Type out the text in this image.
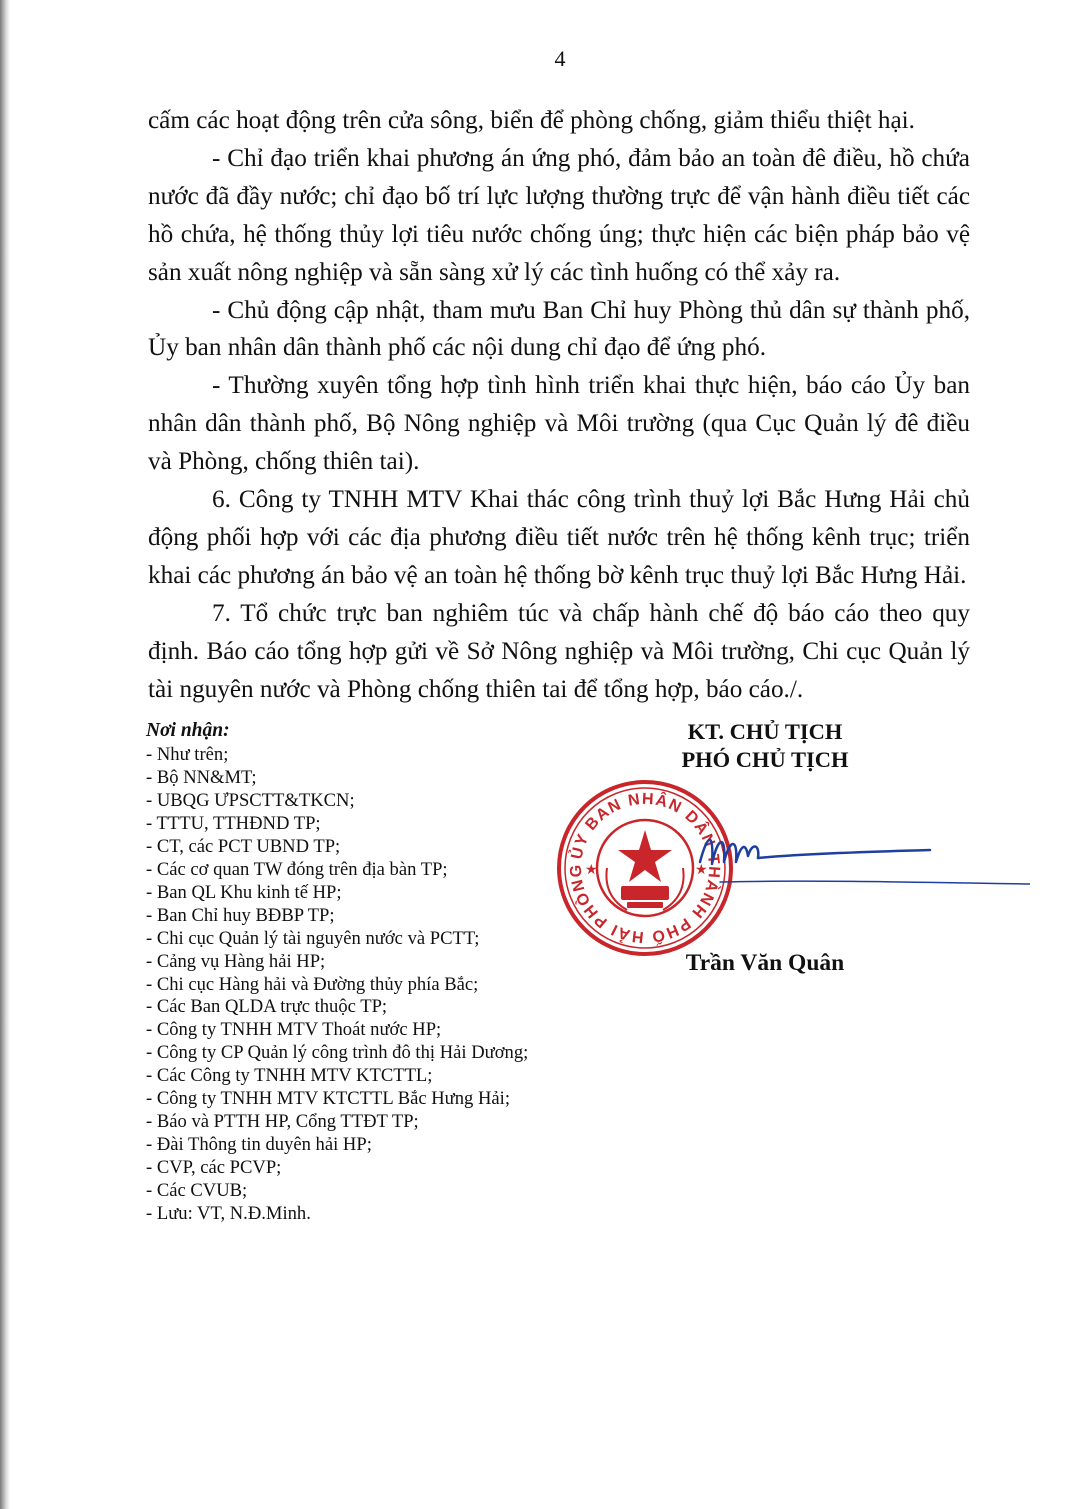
4

cấm các hoạt động trên cửa sông, biển để phòng chống, giảm thiểu thiệt hại.

- Chỉ đạo triển khai phương án ứng phó, đảm bảo an toàn đê điều, hồ chứa nước đã đầy nước; chỉ đạo bố trí lực lượng thường trực để vận hành điều tiết các hồ chứa, hệ thống thủy lợi tiêu nước chống úng; thực hiện các biện pháp bảo vệ sản xuất nông nghiệp và sẵn sàng xử lý các tình huống có thể xảy ra.

- Chủ động cập nhật, tham mưu Ban Chỉ huy Phòng thủ dân sự thành phố, Ủy ban nhân dân thành phố các nội dung chỉ đạo để ứng phó.

- Thường xuyên tổng hợp tình hình triển khai thực hiện, báo cáo Ủy ban nhân dân thành phố, Bộ Nông nghiệp và Môi trường (qua Cục Quản lý đê điều và Phòng, chống thiên tai).

6. Công ty TNHH MTV Khai thác công trình thuỷ lợi Bắc Hưng Hải chủ động phối hợp với các địa phương điều tiết nước trên hệ thống kênh trục; triển khai các phương án bảo vệ an toàn hệ thống bờ kênh trục thuỷ lợi Bắc Hưng Hải.

7. Tổ chức trực ban nghiêm túc và chấp hành chế độ báo cáo theo quy định. Báo cáo tổng hợp gửi về Sở Nông nghiệp và Môi trường, Chi cục Quản lý tài nguyên nước và Phòng chống thiên tai để tổng hợp, báo cáo./.

Nơi nhận:
- Như trên;
- Bộ NN&MT;
- UBQG ƯPSCTT&TKCN;
- TTTU, TTHĐND TP;
- CT, các PCT UBND TP;
- Các cơ quan TW đóng trên địa bàn TP;
- Ban QL Khu kinh tế HP;
- Ban Chỉ huy BĐBP TP;
- Chi cục Quản lý tài nguyên nước và PCTT;
- Cảng vụ Hàng hải HP;
- Chi cục Hàng hải và Đường thủy phía Bắc;
- Các Ban QLDA trực thuộc TP;
- Công ty TNHH MTV Thoát nước HP;
- Công ty CP Quản lý công trình đô thị Hải Dương;
- Các Công ty TNHH MTV KTCTTL;
- Công ty TNHH MTV KTCTTL Bắc Hưng Hải;
- Báo và PTTH HP, Cổng TTĐT TP;
- Đài Thông tin duyên hải HP;
- CVP, các PCVP;
- Các CVUB;
- Lưu: VT, N.Đ.Minh.
KT. CHỦ TỊCH
PHÓ CHỦ TỊCH
ỦY BAN NHÂN DÂN THÀNH PHỐ HẢI PHÒNG ★	★
Trần Văn Quân
